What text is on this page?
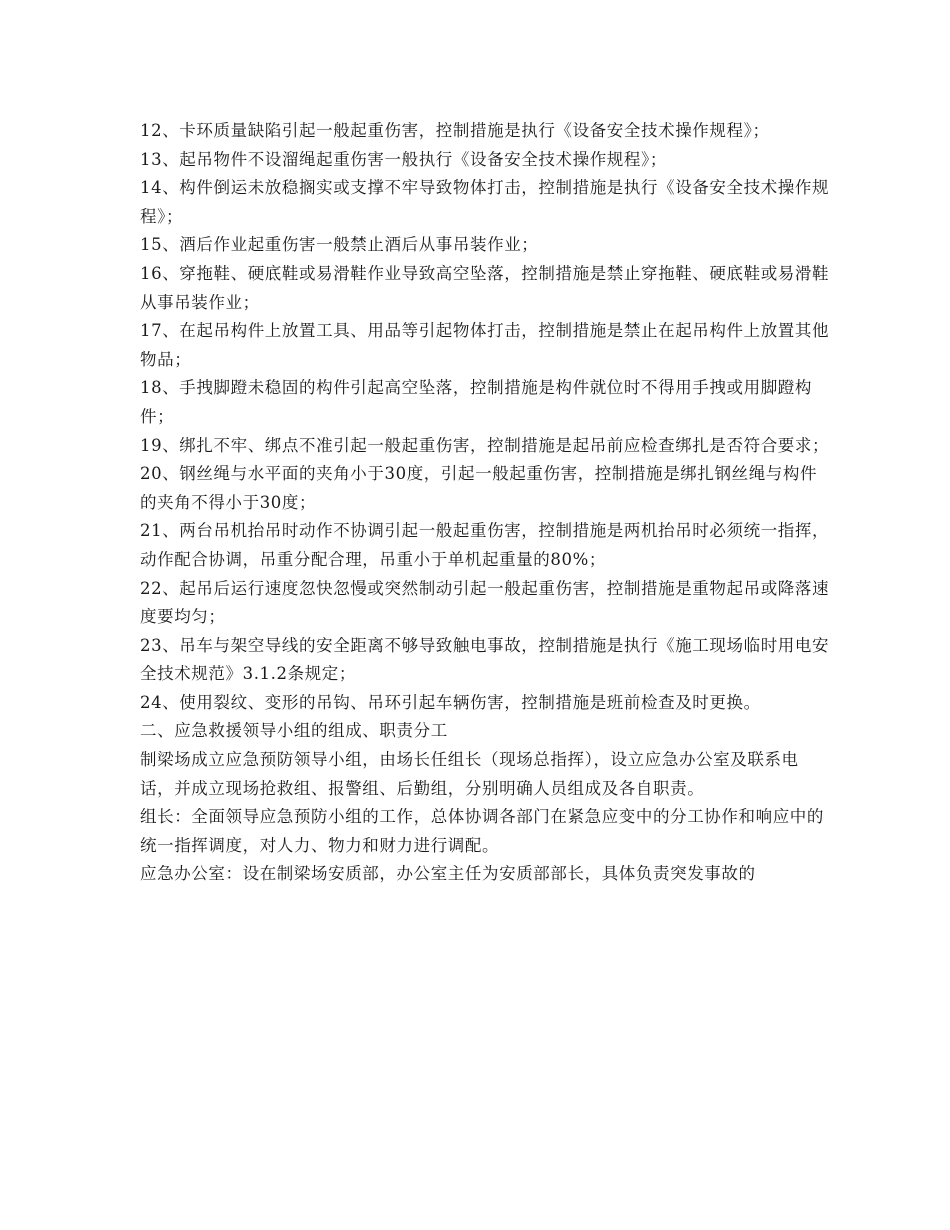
12、卡环质量缺陷引起一般起重伤害，控制措施是执行《设备安全技术操作规程》；

13、起吊物件不设溜绳起重伤害一般执行《设备安全技术操作规程》；

14、构件倒运未放稳搁实或支撑不牢导致物体打击，控制措施是执行《设备安全技术操作规程》；

15、酒后作业起重伤害一般禁止酒后从事吊装作业；

16、穿拖鞋、硬底鞋或易滑鞋作业导致高空坠落，控制措施是禁止穿拖鞋、硬底鞋或易滑鞋从事吊装作业；

17、在起吊构件上放置工具、用品等引起物体打击，控制措施是禁止在起吊构件上放置其他物品；

18、手拽脚蹬未稳固的构件引起高空坠落，控制措施是构件就位时不得用手拽或用脚蹬构件；

19、绑扎不牢、绑点不准引起一般起重伤害，控制措施是起吊前应检查绑扎是否符合要求；

20、钢丝绳与水平面的夹角小于30度，引起一般起重伤害，控制措施是绑扎钢丝绳与构件的夹角不得小于30度；

21、两台吊机抬吊时动作不协调引起一般起重伤害，控制措施是两机抬吊时必须统一指挥，动作配合协调，吊重分配合理，吊重小于单机起重量的80%；

22、起吊后运行速度忽快忽慢或突然制动引起一般起重伤害，控制措施是重物起吊或降落速度要均匀；

23、吊车与架空导线的安全距离不够导致触电事故，控制措施是执行《施工现场临时用电安全技术规范》3.1.2条规定；

24、使用裂纹、变形的吊钩、吊环引起车辆伤害，控制措施是班前检查及时更换。

二、应急救援领导小组的组成、职责分工

制梁场成立应急预防领导小组，由场长任组长（现场总指挥），设立应急办公室及联系电话，并成立现场抢救组、报警组、后勤组，分别明确人员组成及各自职责。

组长：全面领导应急预防小组的工作，总体协调各部门在紧急应变中的分工协作和响应中的统一指挥调度，对人力、物力和财力进行调配。

应急办公室：设在制梁场安质部，办公室主任为安质部部长，具体负责突发事故的
